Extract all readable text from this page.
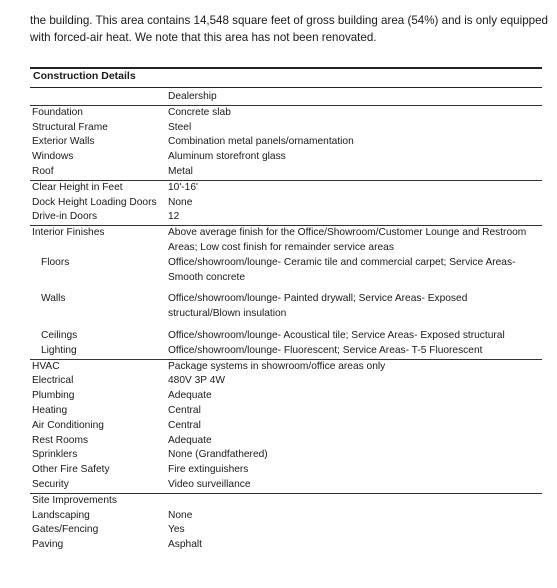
the building. This area contains 14,548 square feet of gross building area (54%) and is only equipped with forced-air heat. We note that this area has not been renovated.

Construction Details
	Dealership
Foundation	Concrete slab
Structural Frame	Steel
Exterior Walls	Combination metal panels/ornamentation
Windows	Aluminum storefront glass
Roof	Metal
Clear Height in Feet	10'-16'
Dock Height Loading Doors	None
Drive-in Doors	12
Interior Finishes	Above average finish for the Office/Showroom/Customer Lounge and Restroom Areas; Low cost finish for remainder service areas
Floors	Office/showroom/lounge- Ceramic tile and commercial carpet; Service Areas- Smooth concrete
Walls	Office/showroom/lounge- Painted drywall; Service Areas- Exposed structural/Blown insulation
Ceilings	Office/showroom/lounge- Acoustical tile; Service Areas- Exposed structural
Lighting	Office/showroom/lounge- Fluorescent; Service Areas- T-5 Fluorescent
HVAC	Package systems in showroom/office areas only
Electrical	480V 3P 4W
Plumbing	Adequate
Heating	Central
Air Conditioning	Central
Rest Rooms	Adequate
Sprinklers	None (Grandfathered)
Other Fire Safety	Fire extinguishers
Security	Video surveillance
Site Improvements	
Landscaping	None
Gates/Fencing	Yes
Paving	Asphalt
